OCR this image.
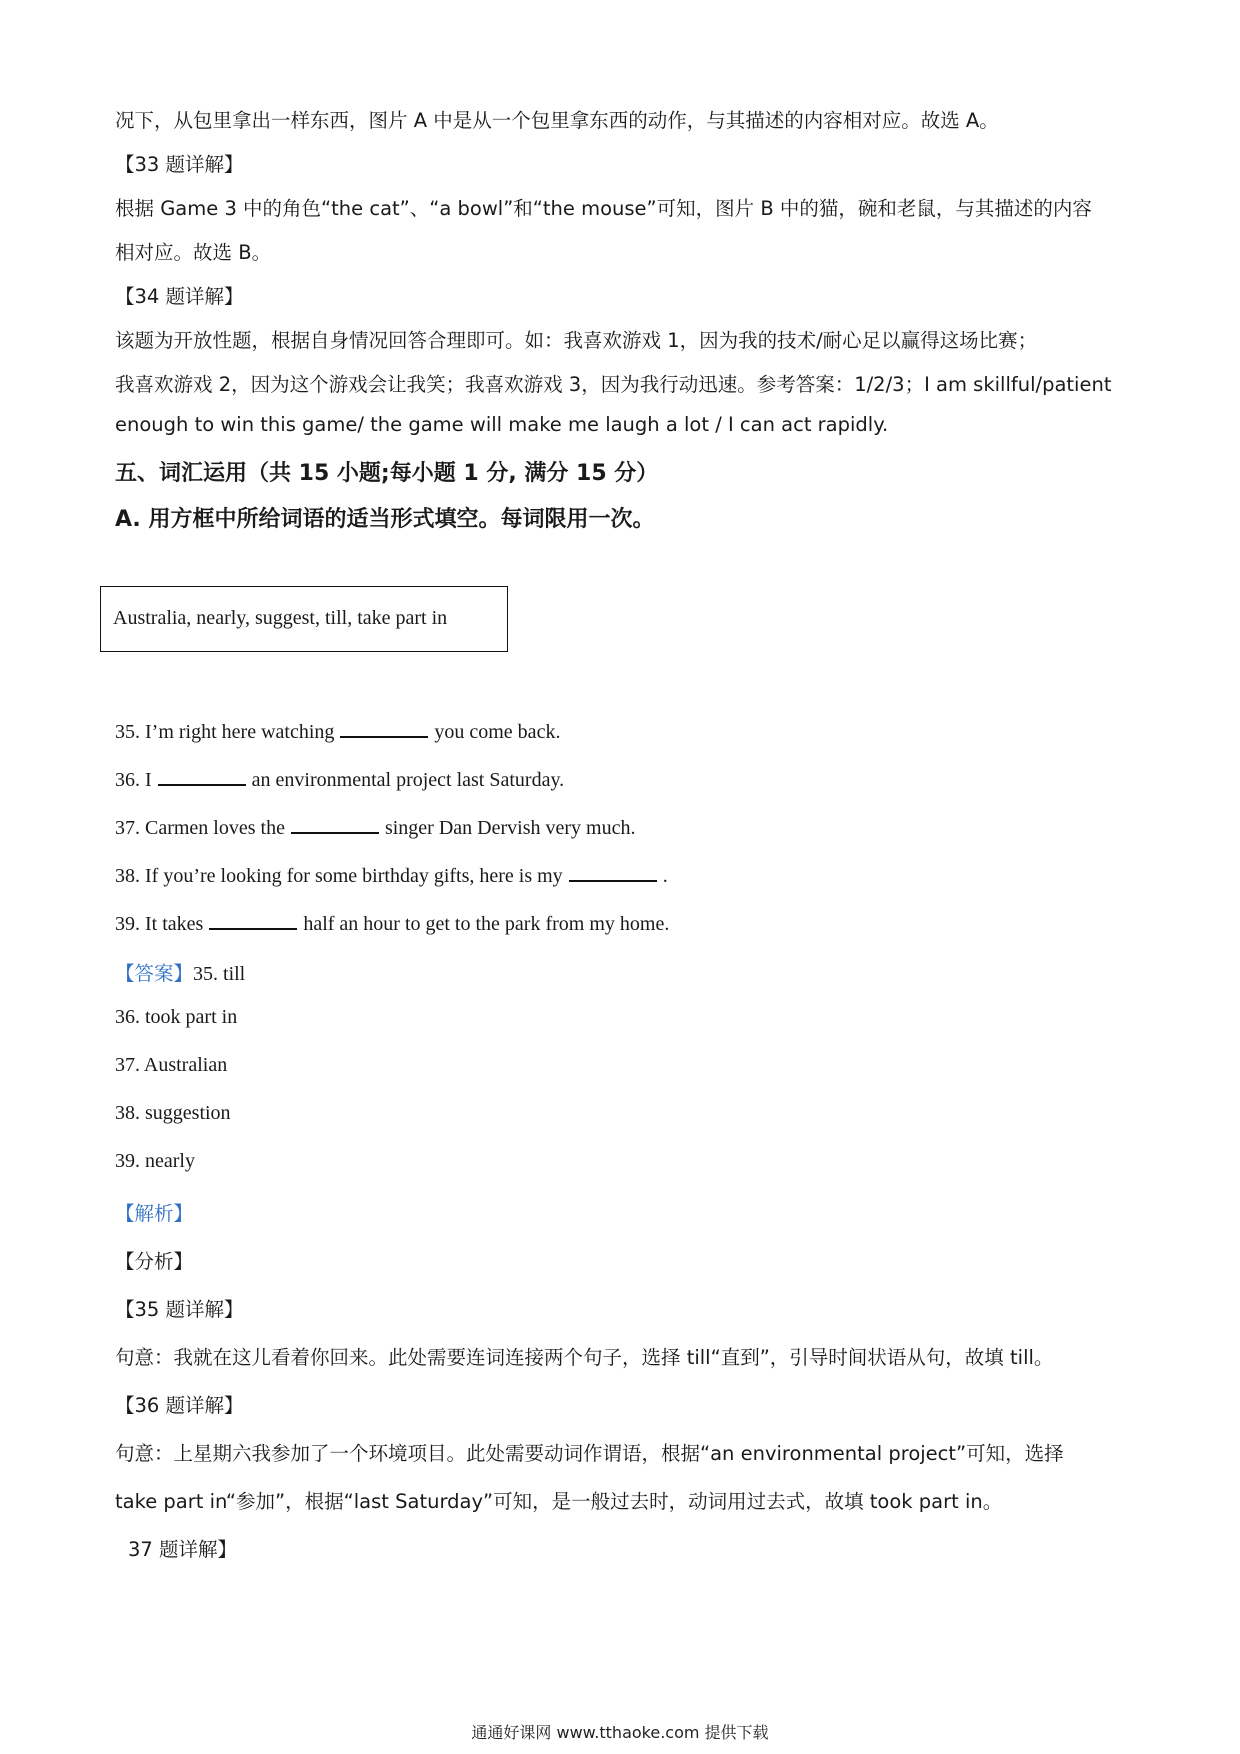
况下，从包里拿出一样东西，图片 A 中是从一个包里拿东西的动作，与其描述的内容相对应。故选 A。
【33 题详解】
根据 Game 3 中的角色“the cat”、“a bowl”和“the mouse”可知，图片 B 中的猫，碗和老鼠，与其描述的内容
相对应。故选 B。
【34 题详解】
该题为开放性题，根据自身情况回答合理即可。如：我喜欢游戏 1，因为我的技术/耐心足以赢得这场比赛；
我喜欢游戏 2，因为这个游戏会让我笑；我喜欢游戏 3，因为我行动迅速。参考答案：1/2/3；I am skillful/patient
enough to win this game/ the game will make me laugh a lot / I can act rapidly.
五、词汇运用（共 15 小题;每小题 1 分, 满分 15 分）
A. 用方框中所给词语的适当形式填空。每词限用一次。
Australia, nearly, suggest, till, take part in
35. I’m right here watching	you come back.
36. I	an environmental project last Saturday.
37. Carmen loves the	singer Dan Dervish very much.
38. If you’re looking for some birthday gifts, here is my	.
39. It takes	half an hour to get to the park from my home.
【答案】35. till
36. took part in
37. Australian
38. suggestion
39. nearly
【解析】
【分析】
【35 题详解】
句意：我就在这儿看着你回来。此处需要连词连接两个句子，选择 till“直到”，引导时间状语从句，故填 till。
【36 题详解】
句意：上星期六我参加了一个环境项目。此处需要动词作谓语，根据“an environmental project”可知，选择
take part in“参加”，根据“last Saturday”可知，是一般过去时，动词用过去式，故填 took part in。
37 题详解】
通通好课网 www.tthaoke.com 提供下载
